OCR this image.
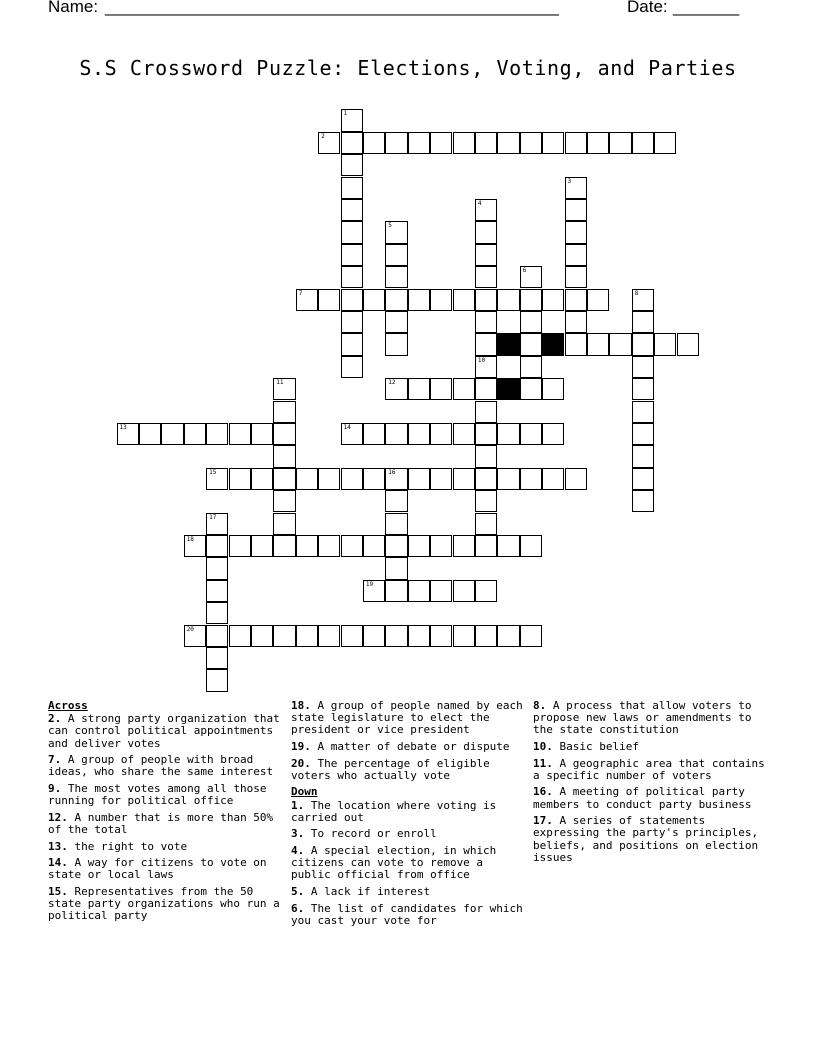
Name: ________________________________________________	Date: _______
S.S Crossword Puzzle: Elections, Voting, and Parties
1
2
3
4
10
5
6
7	8
11	12
13	14
15	16
17
18
19
20
Across
2. A strong party organization that can control political appointments and deliver votes
7. A group of people with broad ideas, who share the same interest
9. The most votes among all those running for political office
12. A number that is more than 50% of the total
13. the right to vote
14. A way for citizens to vote on state or local laws
15. Representatives from the 50 state party organizations who run a political party
18. A group of people named by each state legislature to elect the president or vice president
19. A matter of debate or dispute
20. The percentage of eligible voters who actually vote
Down
1. The location where voting is carried out
3. To record or enroll
4. A special election, in which citizens can vote to remove a public official from office
5. A lack if interest
6. The list of candidates for which you cast your vote for
8. A process that allow voters to propose new laws or amendments to the state constitution
10. Basic belief
11. A geographic area that contains a specific number of voters
16. A meeting of political party members to conduct party business
17. A series of statements expressing the party's principles, beliefs, and positions on election issues
